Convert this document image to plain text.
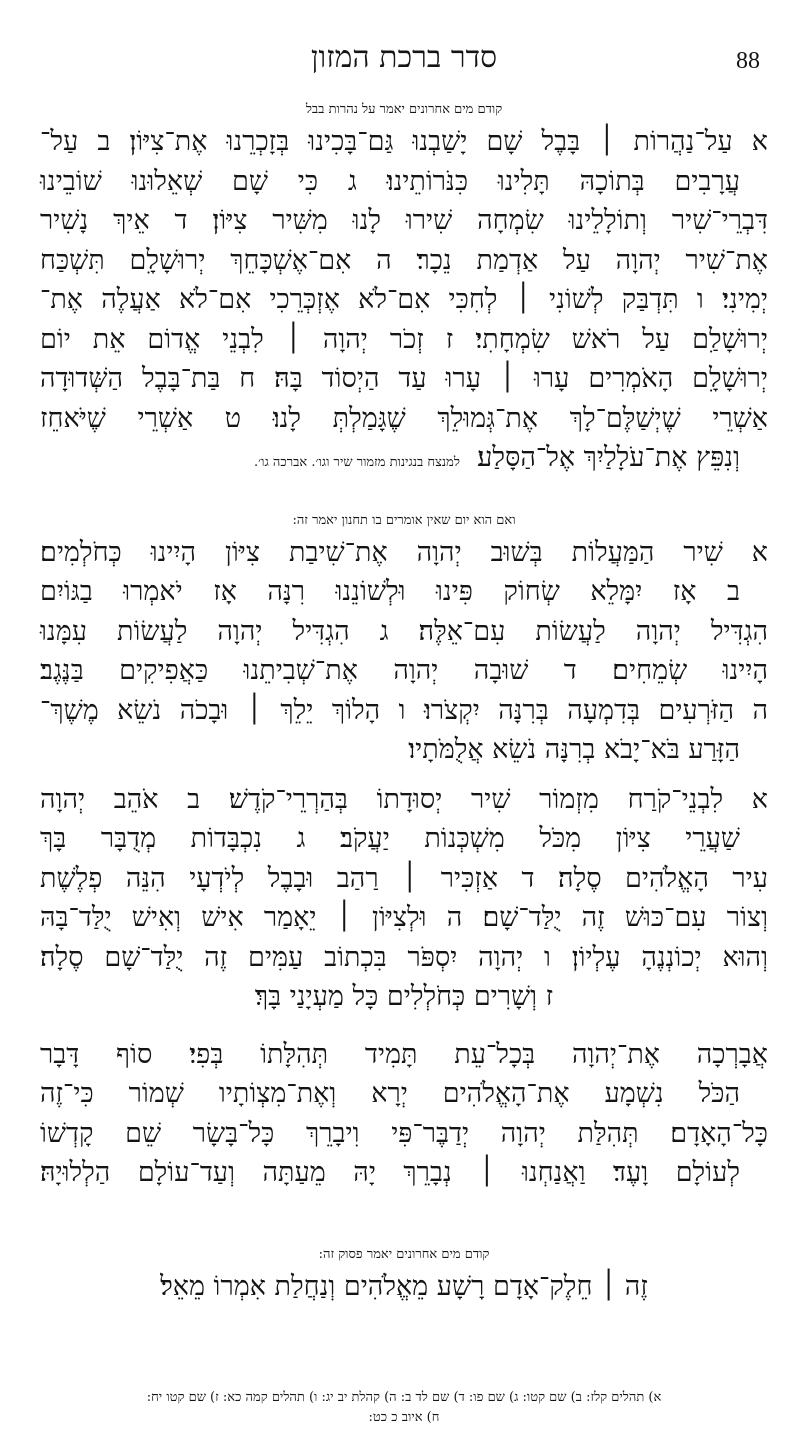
סדר ברכת המזון	88
קודם מים אחרונים יאמר על נהרות בבל
א עַל־נַהֲרוֹת ׀ בָּבֶל שָׁם יָשַׁבְנוּ גַּם־בָּכִינוּ בְּזָכְרֵנוּ אֶת־צִיּוֹן׃ ב עַל־
עֲרָבִים בְּתוֹכָהּ תָּלִינוּ כִּנֹּרוֹתֵינוּ׃ ג כִּי שָׁם שְׁאֵלוּנוּ שׁוֹבֵינוּ
דִּבְרֵי־שִׁיר וְתוֹלָלֵינוּ שִׂמְחָה שִׁירוּ לָנוּ מִשִּׁיר צִיּוֹן׃ ד אֵיךְ נָשִׁיר
אֶת־שִׁיר יְהוָה עַל אַדְמַת נֵכָר׃ ה אִם־אֶשְׁכָּחֵךְ יְרוּשָׁלָ͏ִם תִּשְׁכַּח
יְמִינִי׃ ו תִּדְבַּק לְשׁוֹנִי ׀ לְחִכִּי אִם־לֹא אֶזְכְּרֵכִי אִם־לֹא אַעֲלֶה אֶת־
יְרוּשָׁלַ͏ִם עַל רֹאשׁ שִׂמְחָתִי׃ ז זְכֹר יְהוָה ׀ לִבְנֵי אֱדוֹם אֵת יוֹם
יְרוּשָׁלָ͏ִם הָאֹמְרִים עָרוּ ׀ עָרוּ עַד הַיְסוֹד בָּהּ׃ ח בַּת־בָּבֶל הַשְּׁדוּדָה
אַשְׁרֵי שֶׁיְשַׁלֶּם־לָךְ אֶת־גְּמוּלֵךְ שֶׁגָּמַלְתְּ לָנוּ׃ ט אַשְׁרֵי שֶׁיֹּאחֵז
וְנִפֵּץ אֶת־עֹלָלַיִךְ אֶל־הַסָּלַע׃  למנצח בנגינות מזמור שיר וגו׳. אברכה גו׳.
ואם הוא יום שאין אומרים בו תחנון יאמר זה:
א שִׁיר הַמַּעֲלוֹת בְּשׁוּב יְהוָה אֶת־שִׁיבַת צִיּוֹן הָיִינוּ כְּחֹלְמִים׃
ב אָז יִמָּלֵא שְׂחוֹק פִּינוּ וּלְשׁוֹנֵנוּ רִנָּה אָז יֹאמְרוּ בַגּוֹיִם
הִגְדִּיל יְהוָה לַעֲשׂוֹת עִם־אֵלֶּה׃ ג הִגְדִּיל יְהוָה לַעֲשׂוֹת עִמָּנוּ
הָיִינוּ שְׂמֵחִים׃ ד שׁוּבָה יְהוָה אֶת־שְׁבִיתֵנוּ כַּאֲפִיקִים בַּנֶּגֶב׃
ה הַזֹּרְעִים בְּדִמְעָה בְּרִנָּה יִקְצֹרוּ׃ ו הָלוֹךְ יֵלֵךְ ׀ וּבָכֹה נֹשֵׂא מֶשֶׁךְ־
הַזָּרַע בֹּא־יָבֹא בְרִנָּה נֹשֵׂא אֲלֻמֹּתָיו׃
א לִבְנֵי־קֹרַח מִזְמוֹר שִׁיר יְסוּדָתוֹ בְּהַרְרֵי־קֹדֶשׁ׃ ב אֹהֵב יְהוָה
שַׁעֲרֵי צִיּוֹן מִכֹּל מִשְׁכְּנוֹת יַעֲקֹב׃ ג נִכְבָּדוֹת מְדֻבָּר בָּךְ
עִיר הָאֱלֹהִים סֶלָה׃ ד אַזְכִּיר ׀ רַהַב וּבָבֶל לְיֹדְעָי הִנֵּה פְלֶשֶׁת
וְצוֹר עִם־כּוּשׁ זֶה יֻלַּד־שָׁם׃ ה וּלְצִיּוֹן ׀ יֵאָמַר אִישׁ וְאִישׁ יֻלַּד־בָּהּ
וְהוּא יְכוֹנְנֶהָ עֶלְיוֹן׃ ו יְהוָה יִסְפֹּר בִּכְתוֹב עַמִּים זֶה יֻלַּד־שָׁם סֶלָה׃
ז וְשָׁרִים כְּחֹלְלִים כָּל מַעְיָנַי בָּךְ׃
אֲבָרְכָה אֶת־יְהוָה בְּכָל־עֵת תָּמִיד תְּהִלָּתוֹ בְּפִי׃ סוֹף דָּבָר
הַכֹּל נִשְׁמָע אֶת־הָאֱלֹהִים יְרָא וְאֶת־מִצְוֹתָיו שְׁמוֹר כִּי־זֶה
כָּל־הָאָדָם׃ תְּהִלַּת יְהוָה יְדַבֶּר־פִּי וִיבָרֵךְ כָּל־בָּשָׂר שֵׁם קָדְשׁוֹ
לְעוֹלָם וָעֶד׃ וַאֲנַחְנוּ ׀ נְבָרֵךְ יָהּ מֵעַתָּה וְעַד־עוֹלָם הַלְלוּיָהּ׃
קודם מים אחרונים יאמר פסוק זה:
זֶה ׀ חֵלֶק־אָדָם רָשָׁע מֵאֱלֹהִים וְנַחֲלַת אִמְרוֹ מֵאֵל׃
א) תהלים קלז: ב) שם קטו: ג) שם פו: ד) שם לד ב: ה) קהלת יב יג: ו) תהלים קמה כא: ז) שם קטו יח:
ח) איוב כ כט:
